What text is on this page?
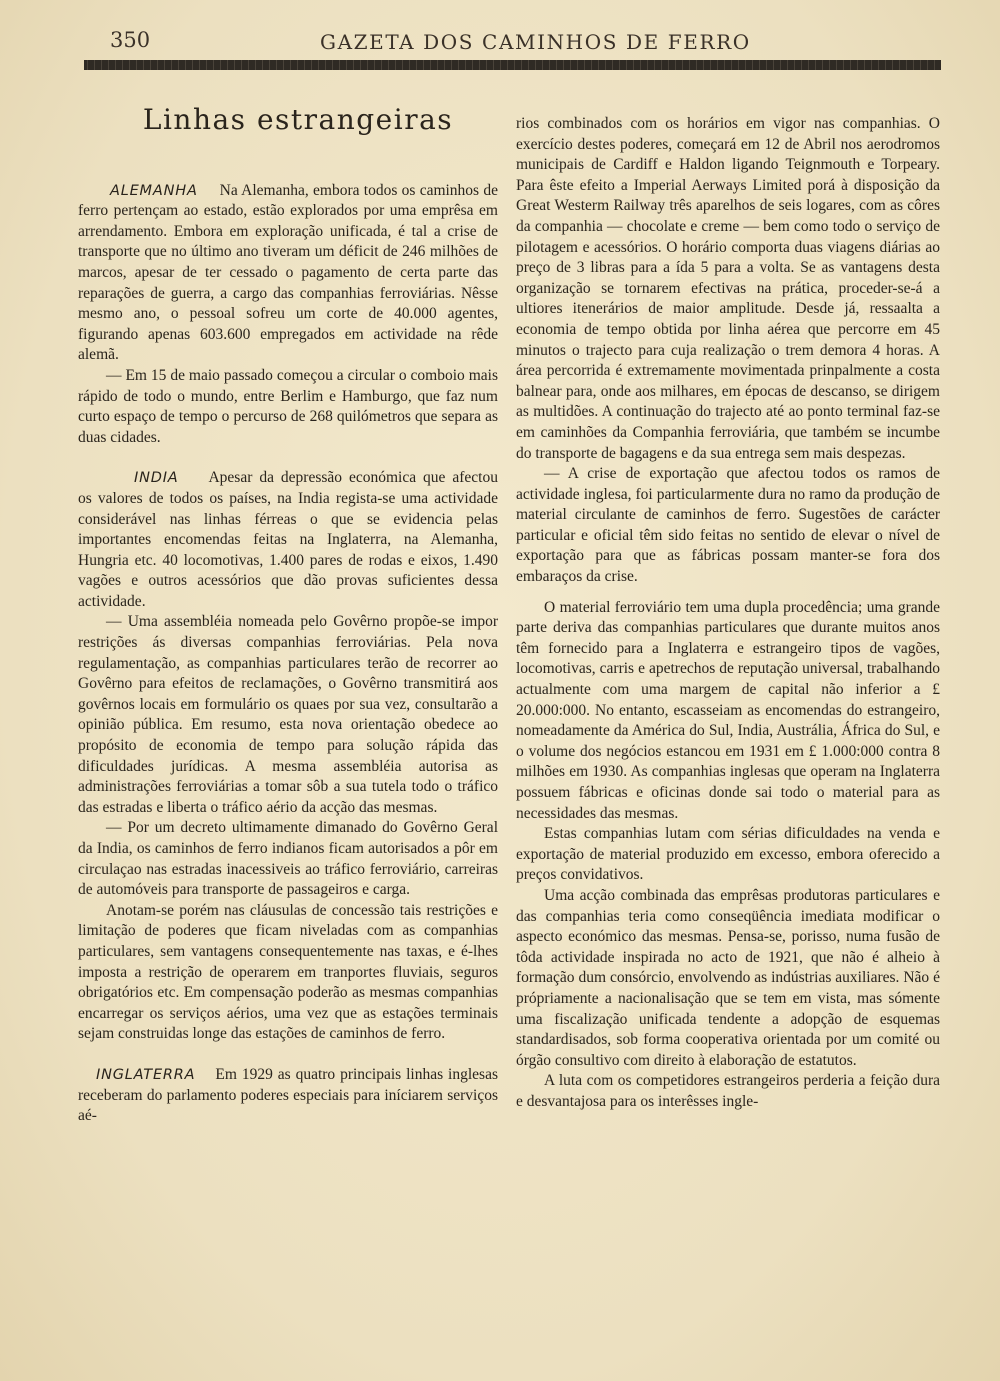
350	GAZETA DOS CAMINHOS DE FERRO
Linhas estrangeiras

ALEMANHA Na Alemanha, embora todos os caminhos de ferro pertençam ao estado, estão explorados por uma emprêsa em arrendamento. Embora em exploração unificada, é tal a crise de transporte que no último ano tiveram um déficit de 246 milhões de marcos, apesar de ter cessado o pagamento de certa parte das reparações de guerra, a cargo das companhias ferroviárias. Nêsse mesmo ano, o pessoal sofreu um corte de 40.000 agentes, figurando apenas 603.600 empregados em actividade na rêde alemã.

— Em 15 de maio passado começou a circular o comboio mais rápido de todo o mundo, entre Berlim e Hamburgo, que faz num curto espaço de tempo o percurso de 268 quilómetros que separa as duas cidades.

INDIA Apesar da depressão económica que afectou os valores de todos os países, na India regista-se uma actividade considerável nas linhas férreas o que se evidencia pelas importantes encomendas feitas na Inglaterra, na Alemanha, Hungria etc. 40 locomotivas, 1.400 pares de rodas e eixos, 1.490 vagões e outros acessórios que dão provas suficientes dessa actividade.

— Uma assembléia nomeada pelo Govêrno propõe-se impor restrições ás diversas companhias ferroviárias. Pela nova regulamentação, as companhias particulares terão de recorrer ao Govêrno para efeitos de reclamações, o Govêrno transmitirá aos govêrnos locais em formulário os quaes por sua vez, consultarão a opinião pública. Em resumo, esta nova orientação obedece ao propósito de economia de tempo para solução rápida das dificuldades jurídicas. A mesma assembléia autorisa as administrações ferroviárias a tomar sôb a sua tutela todo o tráfico das estradas e liberta o tráfico aério da acção das mesmas.

— Por um decreto ultimamente dimanado do Govêrno Geral da India, os caminhos de ferro indianos ficam autorisados a pôr em circulaçao nas estradas inacessiveis ao tráfico ferroviário, carreiras de automóveis para transporte de passageiros e carga.

Anotam-se porém nas cláusulas de concessão tais restrições e limitação de poderes que ficam niveladas com as companhias particulares, sem vantagens consequentemente nas taxas, e é-lhes imposta a restrição de operarem em tranportes fluviais, seguros obrigatórios etc. Em compensação poderão as mesmas companhias encarregar os serviços aérios, uma vez que as estações terminais sejam construidas longe das estações de caminhos de ferro.

INGLATERRA Em 1929 as quatro principais linhas inglesas receberam do parlamento poderes especiais para iníciarem serviços aé-

rios combinados com os horários em vigor nas companhias. O exercício destes poderes, começará em 12 de Abril nos aerodromos municipais de Cardiff e Haldon ligando Teignmouth e Torpeary. Para êste efeito a Imperial Aerways Limited porá à disposição da Great Westerm Railway três aparelhos de seis logares, com as côres da companhia — chocolate e creme — bem como todo o serviço de pilotagem e acessórios. O horário comporta duas viagens diárias ao preço de 3 libras para a ída 5 para a volta. Se as vantagens desta organização se tornarem efectivas na prática, proceder-se-á a ultiores itenerários de maior amplitude. Desde já, ressaalta a economia de tempo obtida por linha aérea que percorre em 45 minutos o trajecto para cuja realização o trem demora 4 horas. A área percorrida é extremamente movimentada prinpalmente a costa balnear para, onde aos milhares, em épocas de descanso, se dirigem as multidões. A continuação do trajecto até ao ponto terminal faz-se em caminhões da Companhia ferroviária, que também se incumbe do transporte de bagagens e da sua entrega sem mais despezas.

— A crise de exportação que afectou todos os ramos de actividade inglesa, foi particularmente dura no ramo da produção de material circulante de caminhos de ferro. Sugestões de carácter particular e oficial têm sido feitas no sentido de elevar o nível de exportação para que as fábricas possam manter-se fora dos embaraços da crise.

O material ferroviário tem uma dupla procedência; uma grande parte deriva das companhias particulares que durante muitos anos têm fornecido para a Inglaterra e estrangeiro tipos de vagões, locomotivas, carris e apetrechos de reputação universal, trabalhando actualmente com uma margem de capital não inferior a £ 20.000:000. No entanto, escasseiam as encomendas do estrangeiro, nomeadamente da América do Sul, India, Austrália, África do Sul, e o volume dos negócios estancou em 1931 em £ 1.000:000 contra 8 milhões em 1930. As companhias inglesas que operam na Inglaterra possuem fábricas e oficinas donde sai todo o material para as necessidades das mesmas.

Estas companhias lutam com sérias dificuldades na venda e exportação de material produzido em excesso, embora oferecido a preços convidativos.

Uma acção combinada das emprêsas produtoras particulares e das companhias teria como conseqüência imediata modificar o aspecto económico das mesmas. Pensa-se, porisso, numa fusão de tôda actividade inspirada no acto de 1921, que não é alheio à formação dum consórcio, envolvendo as indústrias auxiliares. Não é própriamente a nacionalisação que se tem em vista, mas sómente uma fiscalização unificada tendente a adopção de esquemas standardisados, sob forma cooperativa orientada por um comité ou órgão consultivo com direito à elaboração de estatutos.

A luta com os competidores estrangeiros perderia a feição dura e desvantajosa para os interêsses ingle-
